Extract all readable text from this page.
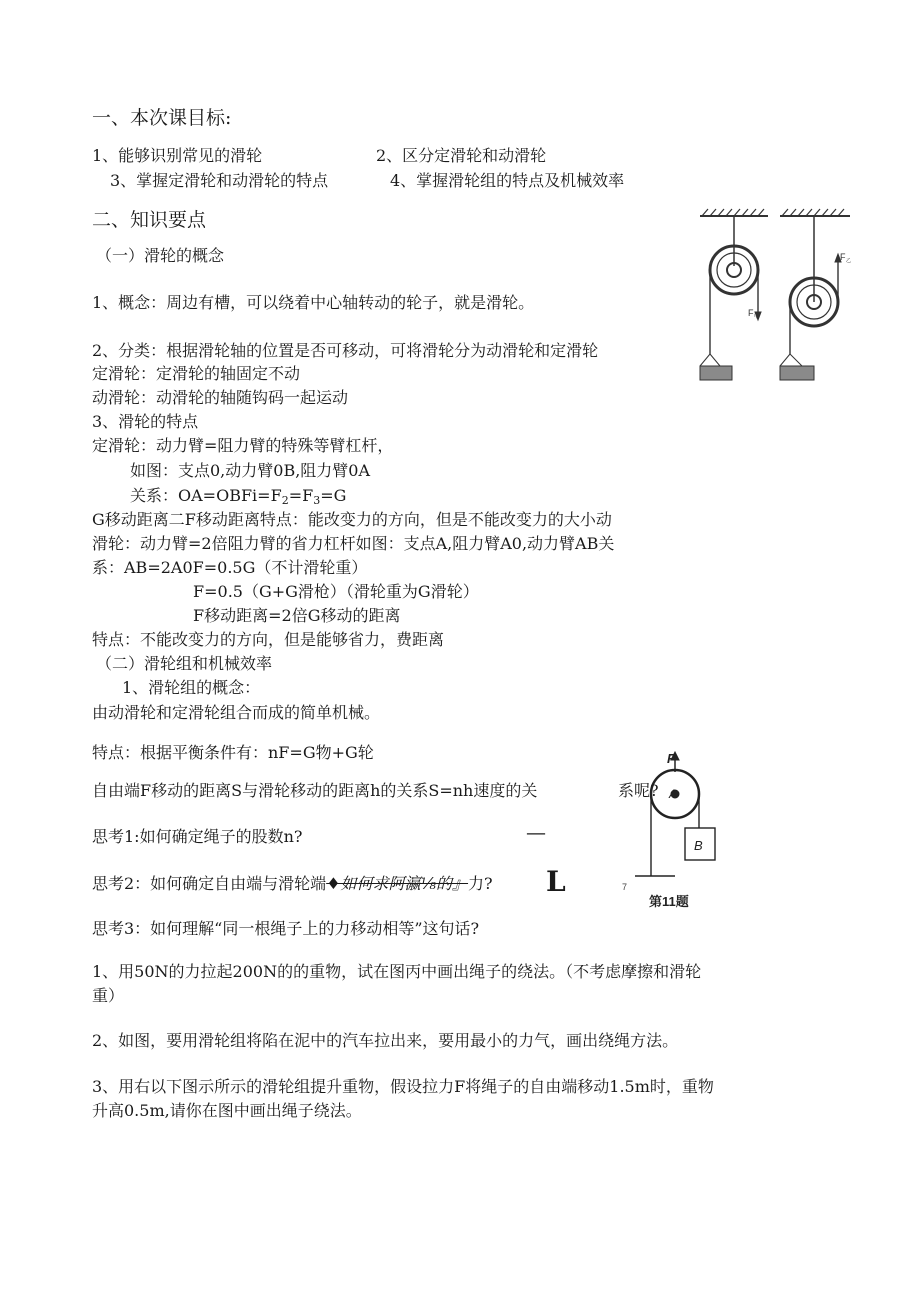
一、本次课目标:
1、能够识别常见的滑轮	2、区分定滑轮和动滑轮
3、掌握定滑轮和动滑轮的特点	4、掌握滑轮组的特点及机械效率
二、知识要点
（一）滑轮的概念
1、概念：周边有槽，可以绕着中心轴转动的轮子，就是滑轮。
2、分类：根据滑轮轴的位置是否可移动，可将滑轮分为动滑轮和定滑轮
定滑轮：定滑轮的轴固定不动
动滑轮：动滑轮的轴随钩码一起运动
3、滑轮的特点
定滑轮：动力臂=阻力臂的特殊等臂杠杆，
如图：支点0,动力臂0B,阻力臂0A
关系：$OA=OBFi=F_2=F_3=G$
G移动距离二F移动距离特点：能改变力的方向，但是不能改变力的大小动
滑轮：动力臂=2倍阻力臂的省力杠杆如图：支点A,阻力臂A0,动力臂AB关
系：AB=2A0F=0.5G（不计滑轮重）
F=0.5（G+G滑枪）（滑轮重为G滑轮）
F移动距离=2倍G移动的距离
特点：不能改变力的方向，但是能够省力，费距离
（二）滑轮组和机械效率
1、滑轮组的概念：
由动滑轮和定滑轮组合而成的简单机械。
特点：根据平衡条件有：nF=G物+G轮
自由端F移动的距离S与滑轮移动的距离h的关系S=nh速度的关
思考1:如何确定绳子的股数n?	—
思考2：如何确定自由端与滑轮端♦如何求阿瀛⅛的』力? L
思考3：如何理解“同一根绳子上的力移动相等”这句话?
1、用50N的力拉起200N的的重物，试在图丙中画出绳子的绕法。（不考虑摩擦和滑轮
重）
2、如图，要用滑轮组将陷在泥中的汽车拉出来，要用最小的力气，画出绕绳方法。
3、用右以下图示所示的滑轮组提升重物，假设拉力F将绳子的自由端移动1.5m时，重物
升高0.5m,请你在图中画出绳子绕法。
F 甲
F 乙
F
A
B
7
第11题
系呢?
